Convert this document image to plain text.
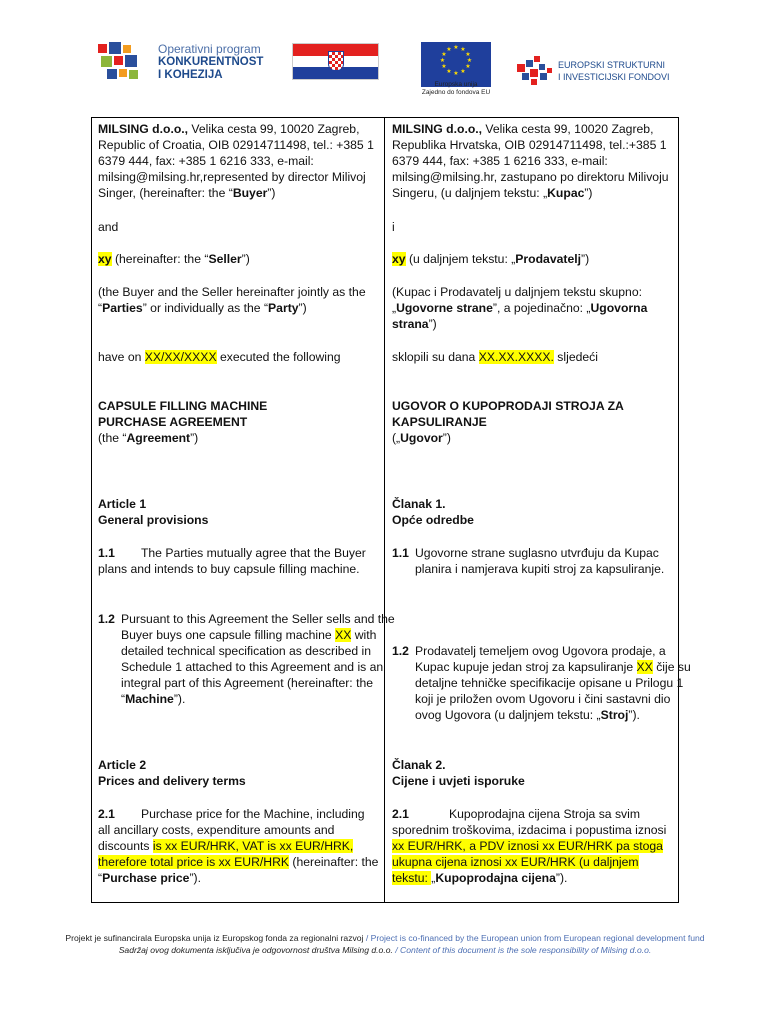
Operativni program
KONKURENTNOST
I KOHEZIJA
★ ★
★
★
★
★
★
★
★
★
★
★
Europska unija
Zajedno do fondova EU
EUROPSKI STRUKTURNI
I INVESTICIJSKI FONDOVI
MILSING d.o.o., Velika cesta 99, 10020 Zagreb, Republic of Croatia, OIB 02914711498, tel.: +385 1 6379 444, fax: +385 1 6216 333, e-mail: milsing@milsing.hr,represented by director Milivoj Singer, (hereinafter: the “Buyer”)
and
xy (hereinafter: the “Seller”)
(the Buyer and the Seller hereinafter jointly as the “Parties” or individually as the “Party”)
have on XX/XX/XXXX executed the following
CAPSULE FILLING MACHINE
PURCHASE AGREEMENT
(the “Agreement”)
Article 1
General provisions
1.1 The Parties mutually agree that the Buyer plans and intends to buy capsule filling machine.
1.2 Pursuant to this Agreement the Seller sells and the Buyer buys one capsule filling machine XX with detailed technical specification as described in Schedule 1 attached to this Agreement and is an integral part of this Agreement (hereinafter: the “Machine”).
Article 2
Prices and delivery terms
2.1 Purchase price for the Machine, including all ancillary costs, expenditure amounts and discounts is xx EUR/HRK, VAT is xx EUR/HRK, therefore total price is xx EUR/HRK (hereinafter: the “Purchase price”).
MILSING d.o.o., Velika cesta 99, 10020 Zagreb, Republika Hrvatska, OIB 02914711498, tel.:+385 1 6379 444, fax: +385 1 6216 333, e-mail: milsing@milsing.hr, zastupano po direktoru Milivoju Singeru, (u daljnjem tekstu: „Kupac”)
i
xy (u daljnjem tekstu: „Prodavatelj”)
(Kupac i Prodavatelj u daljnjem tekstu skupno: „Ugovorne strane”, a pojedinačno: „Ugovorna strana”)
sklopili su dana XX.XX.XXXX. sljedeći
UGOVOR O KUPOPRODAJI STROJA ZA
KAPSULIRANJE
(„Ugovor”)
Članak 1.
Opće odredbe
1.1 Ugovorne strane suglasno utvrđuju da Kupac planira i namjerava kupiti stroj za kapsuliranje.
1.2 Prodavatelj temeljem ovog Ugovora prodaje, a Kupac kupuje jedan stroj za kapsuliranje XX čije su detaljne tehničke specifikacije opisane u Prilogu 1 koji je priložen ovom Ugovoru i čini sastavni dio ovog Ugovora (u daljnjem tekstu: „Stroj”).
Članak 2.
Cijene i uvjeti isporuke
2.1	Kupoprodajna cijena Stroja sa svim sporednim troškovima, izdacima i popustima iznosi xx EUR/HRK, a PDV iznosi xx EUR/HRK pa stoga ukupna cijena iznosi xx EUR/HRK (u daljnjem tekstu: „Kupoprodajna cijena”).
Projekt je sufinancirala Europska unija iz Europskog fonda za regionalni razvoj / Project is co-financed by the European union from European regional development fund
Sadržaj ovog dokumenta isključiva je odgovornost društva Milsing d.o.o. / Content of this document is the sole responsibility of Milsing d.o.o.
